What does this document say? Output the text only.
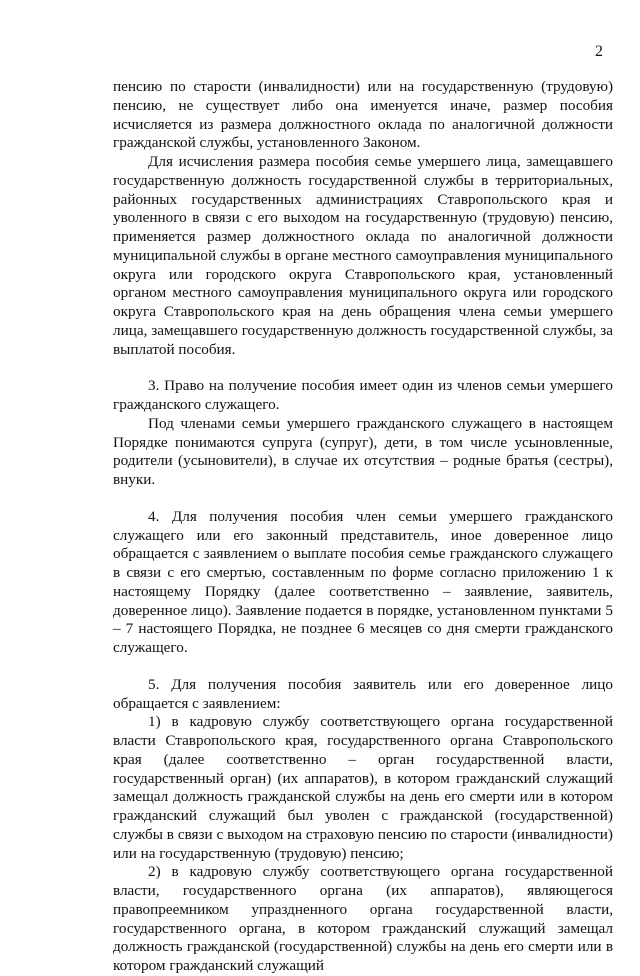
2

пенсию по старости (инвалидности) или на государственную (трудовую) пенсию, не существует либо она именуется иначе, размер пособия исчисляется из размера должностного оклада по аналогичной должности гражданской службы, установленного Законом.

Для исчисления размера пособия семье умершего лица, замещавшего государственную должность государственной службы в территориальных, районных государственных администрациях Ставропольского края и уволенного в связи с его выходом на государственную (трудовую) пенсию, применяется размер должностного оклада по аналогичной должности муниципальной службы в органе местного самоуправления муниципального округа или городского округа Ставропольского края, установленный органом местного самоуправления муниципального округа или городского округа Ставропольского края на день обращения члена семьи умершего лица, замещавшего государственную должность государственной службы, за выплатой пособия.

3. Право на получение пособия имеет один из членов семьи умершего гражданского служащего.

Под членами семьи умершего гражданского служащего в настоящем Порядке понимаются супруга (супруг), дети, в том числе усыновленные, родители (усыновители), в случае их отсутствия – родные братья (сестры), внуки.

4. Для получения пособия член семьи умершего гражданского служащего или его законный представитель, иное доверенное лицо обращается с заявлением о выплате пособия семье гражданского служащего в связи с его смертью, составленным по форме согласно приложению 1 к настоящему Порядку (далее соответственно – заявление, заявитель, доверенное лицо). Заявление подается в порядке, установленном пунктами 5 – 7 настоящего Порядка, не позднее 6 месяцев со дня смерти гражданского служащего.

5. Для получения пособия заявитель или его доверенное лицо обращается с заявлением:

1) в кадровую службу соответствующего органа государственной власти Ставропольского края, государственного органа Ставропольского края (далее соответственно – орган государственной власти, государственный орган) (их аппаратов), в котором гражданский служащий замещал должность гражданской службы на день его смерти или в котором гражданский служащий был уволен с гражданской (государственной) службы в связи с выходом на страховую пенсию по старости (инвалидности) или на государственную (трудовую) пенсию;

2) в кадровую службу соответствующего органа государственной власти, государственного органа (их аппаратов), являющегося правопреемником упраздненного органа государственной власти, государственного органа, в котором гражданский служащий замещал должность гражданской (государственной) службы на день его смерти или в котором гражданский служащий
